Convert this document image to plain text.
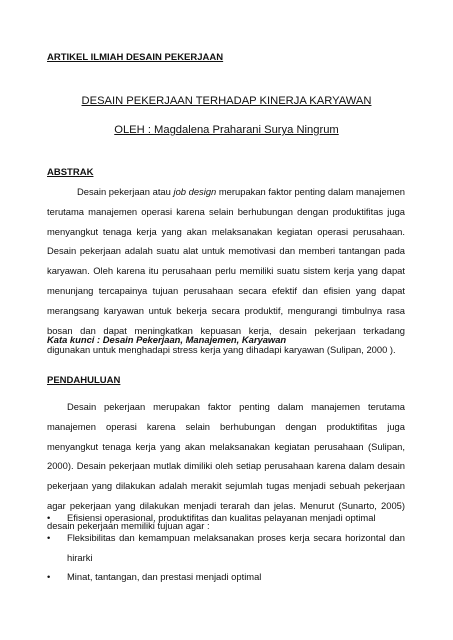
ARTIKEL ILMIAH DESAIN PEKERJAAN
DESAIN PEKERJAAN TERHADAP KINERJA KARYAWAN
OLEH : Magdalena Praharani Surya Ningrum
ABSTRAK

Desain pekerjaan atau job design merupakan faktor penting dalam manajemen terutama manajemen operasi karena selain berhubungan dengan produktifitas juga menyangkut tenaga kerja yang akan melaksanakan kegiatan operasi perusahaan. Desain pekerjaan adalah suatu alat untuk memotivasi dan memberi tantangan pada karyawan. Oleh karena itu perusahaan perlu memiliki suatu sistem kerja yang dapat menunjang tercapainya tujuan perusahaan secara efektif dan efisien yang dapat merangsang karyawan untuk bekerja secara produktif, mengurangi timbulnya rasa bosan dan dapat meningkatkan kepuasan kerja, desain pekerjaan terkadang digunakan untuk menghadapi stress kerja yang dihadapi karyawan (Sulipan, 2000 ).

Kata kunci : Desain Pekerjaan, Manajemen, Karyawan
PENDAHULUAN

Desain pekerjaan merupakan faktor penting dalam manajemen terutama manajemen operasi karena selain berhubungan dengan produktifitas juga menyangkut tenaga kerja yang akan melaksanakan kegiatan perusahaan (Sulipan, 2000). Desain pekerjaan mutlak dimiliki oleh setiap perusahaan karena dalam desain pekerjaan yang dilakukan adalah merakit sejumlah tugas menjadi sebuah pekerjaan agar pekerjaan yang dilakukan menjadi terarah dan jelas. Menurut (Sunarto, 2005) desain pekerjaan memiliki tujuan agar :

• Efisiensi operasional, produktifitas dan kualitas pelayanan menjadi optimal
• Fleksibilitas dan kemampuan melaksanakan proses kerja secara horizontal dan hirarki
• Minat, tantangan, dan prestasi menjadi optimal
